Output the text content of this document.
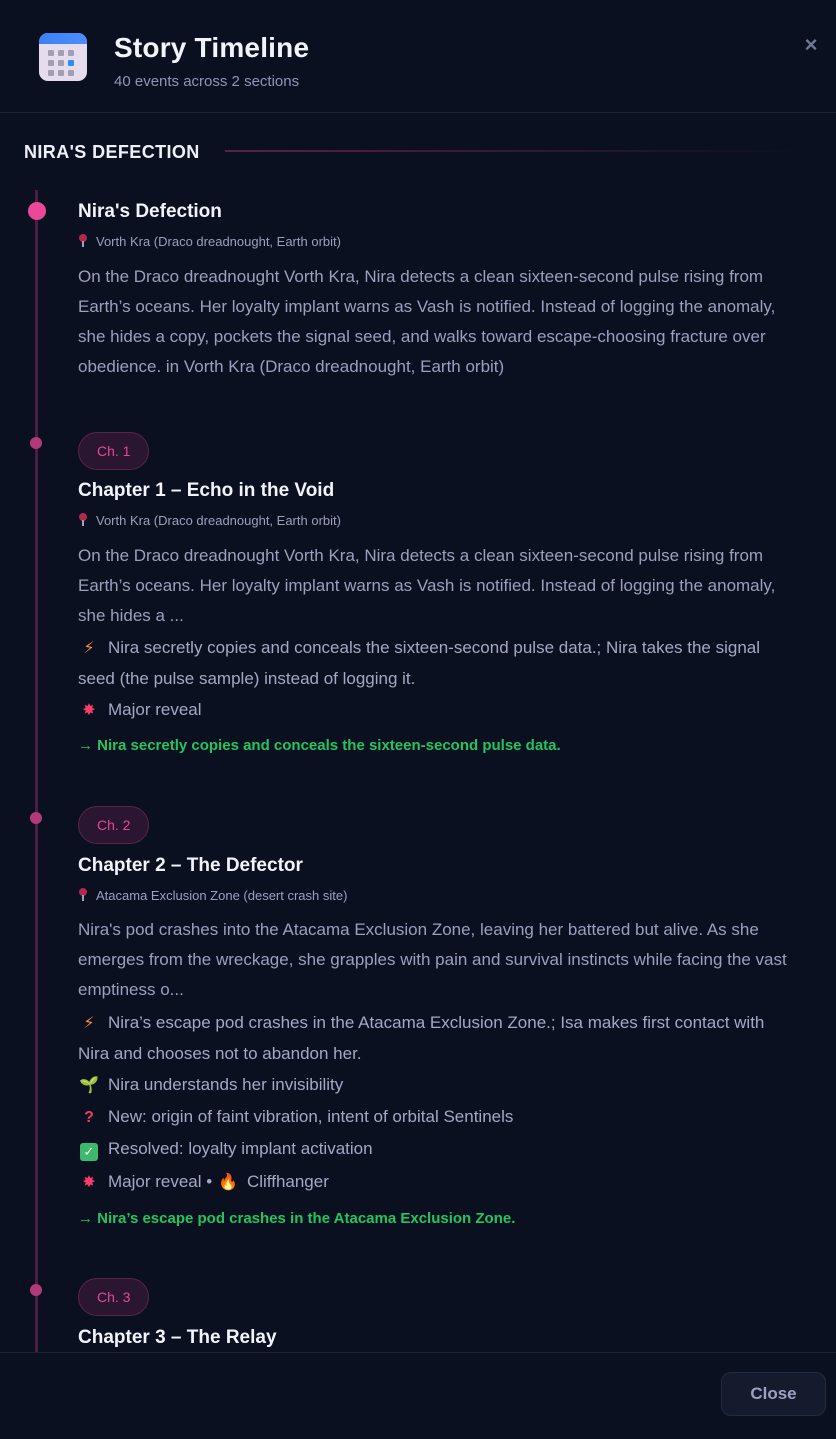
Story Timeline
40 events across 2 sections
×
NIRA'S DEFECTION
Nira's Defection
Vorth Kra (Draco dreadnought, Earth orbit)
On the Draco dreadnought Vorth Kra, Nira detects a clean sixteen-second pulse rising from Earth’s oceans. Her loyalty implant warns as Vash is notified. Instead of logging the anomaly, she hides a copy, pockets the signal seed, and walks toward escape-choosing fracture over obedience. in Vorth Kra (Draco dreadnought, Earth orbit)
Ch. 1
Chapter 1 – Echo in the Void
Vorth Kra (Draco dreadnought, Earth orbit)
On the Draco dreadnought Vorth Kra, Nira detects a clean sixteen-second pulse rising from Earth’s oceans. Her loyalty implant warns as Vash is notified. Instead of logging the anomaly, she hides a ...
⚡ Nira secretly copies and conceals the sixteen-second pulse data.; Nira takes the signal seed (the pulse sample) instead of logging it.
✸ Major reveal
→ Nira secretly copies and conceals the sixteen-second pulse data.
Ch. 2
Chapter 2 – The Defector
Atacama Exclusion Zone (desert crash site)
Nira's pod crashes into the Atacama Exclusion Zone, leaving her battered but alive. As she emerges from the wreckage, she grapples with pain and survival instincts while facing the vast emptiness o...
⚡ Nira’s escape pod crashes in the Atacama Exclusion Zone.; Isa makes first contact with Nira and chooses not to abandon her.
🌱 Nira understands her invisibility
? New: origin of faint vibration, intent of orbital Sentinels
✓ Resolved: loyalty implant activation
✸ Major reveal • 🔥 Cliffhanger
→ Nira’s escape pod crashes in the Atacama Exclusion Zone.
Ch. 3
Chapter 3 – The Relay
Close
